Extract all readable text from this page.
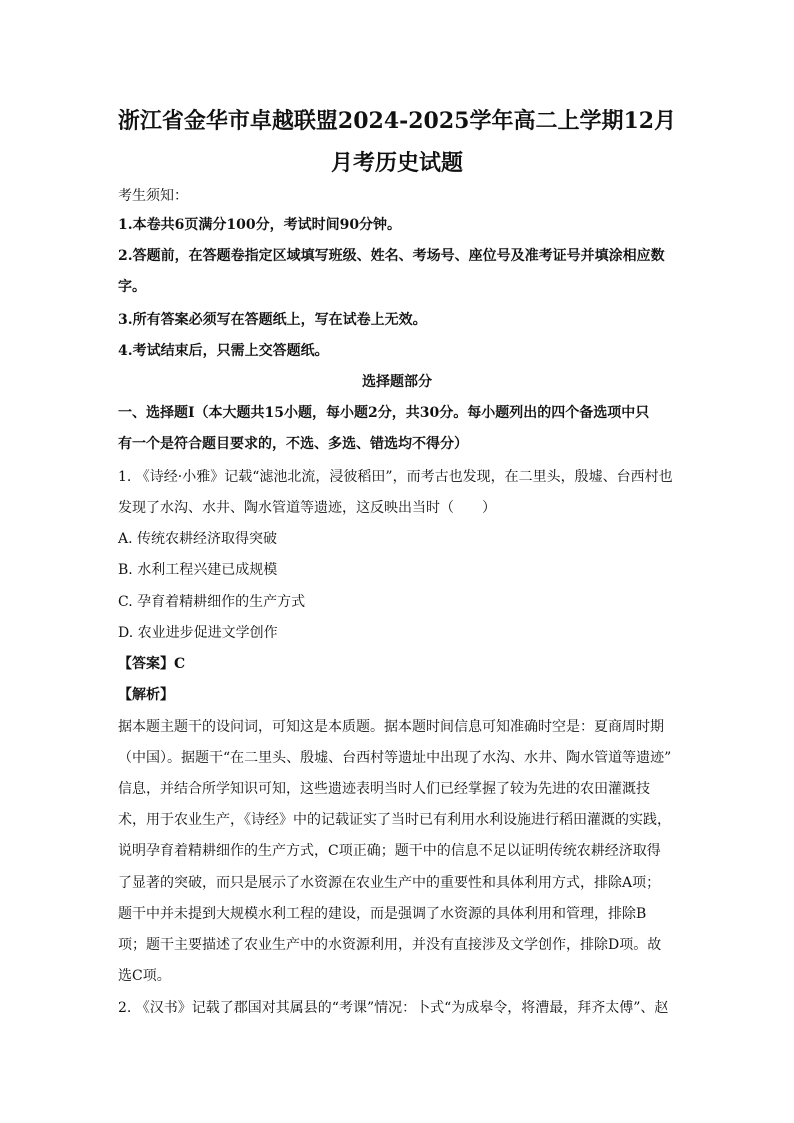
浙江省金华市卓越联盟2024-2025学年高二上学期12月
月考历史试题
考生须知：
1.本卷共6页满分100分，考试时间90分钟。
2.答题前，在答题卷指定区域填写班级、姓名、考场号、座位号及准考证号并填涂相应数
字。
3.所有答案必须写在答题纸上，写在试卷上无效。
4.考试结束后，只需上交答题纸。
选择题部分
一、选择题Ⅰ（本大题共15小题，每小题2分，共30分。每小题列出的四个备选项中只
有一个是符合题目要求的，不选、多选、错选均不得分）
1. 《诗经·小雅》记载“滤池北流，浸彼稻田”，而考古也发现，在二里头，殷墟、台西村也
发现了水沟、水井、陶水管道等遗迹，这反映出当时（　　）
A. 传统农耕经济取得突破
B. 水利工程兴建已成规模
C. 孕育着精耕细作的生产方式
D. 农业进步促进文学创作
【答案】C
【解析】
据本题主题干的设问词，可知这是本质题。据本题时间信息可知准确时空是：夏商周时期
（中国）。据题干“在二里头、殷墟、台西村等遗址中出现了水沟、水井、陶水管道等遗迹”
信息，并结合所学知识可知，这些遗迹表明当时人们已经掌握了较为先进的农田灌溉技
术，用于农业生产，《诗经》中的记载证实了当时已有利用水利设施进行稻田灌溉的实践，
说明孕育着精耕细作的生产方式，C项正确；题干中的信息不足以证明传统农耕经济取得
了显著的突破，而只是展示了水资源在农业生产中的重要性和具体利用方式，排除A项；
题干中并未提到大规模水利工程的建设，而是强调了水资源的具体利用和管理，排除B
项；题干主要描述了农业生产中的水资源利用，并没有直接涉及文学创作，排除D项。故
选C项。
2. 《汉书》记载了郡国对其属县的“考课”情况：卜式“为成皋令，将漕最，拜齐太傅”、赵
